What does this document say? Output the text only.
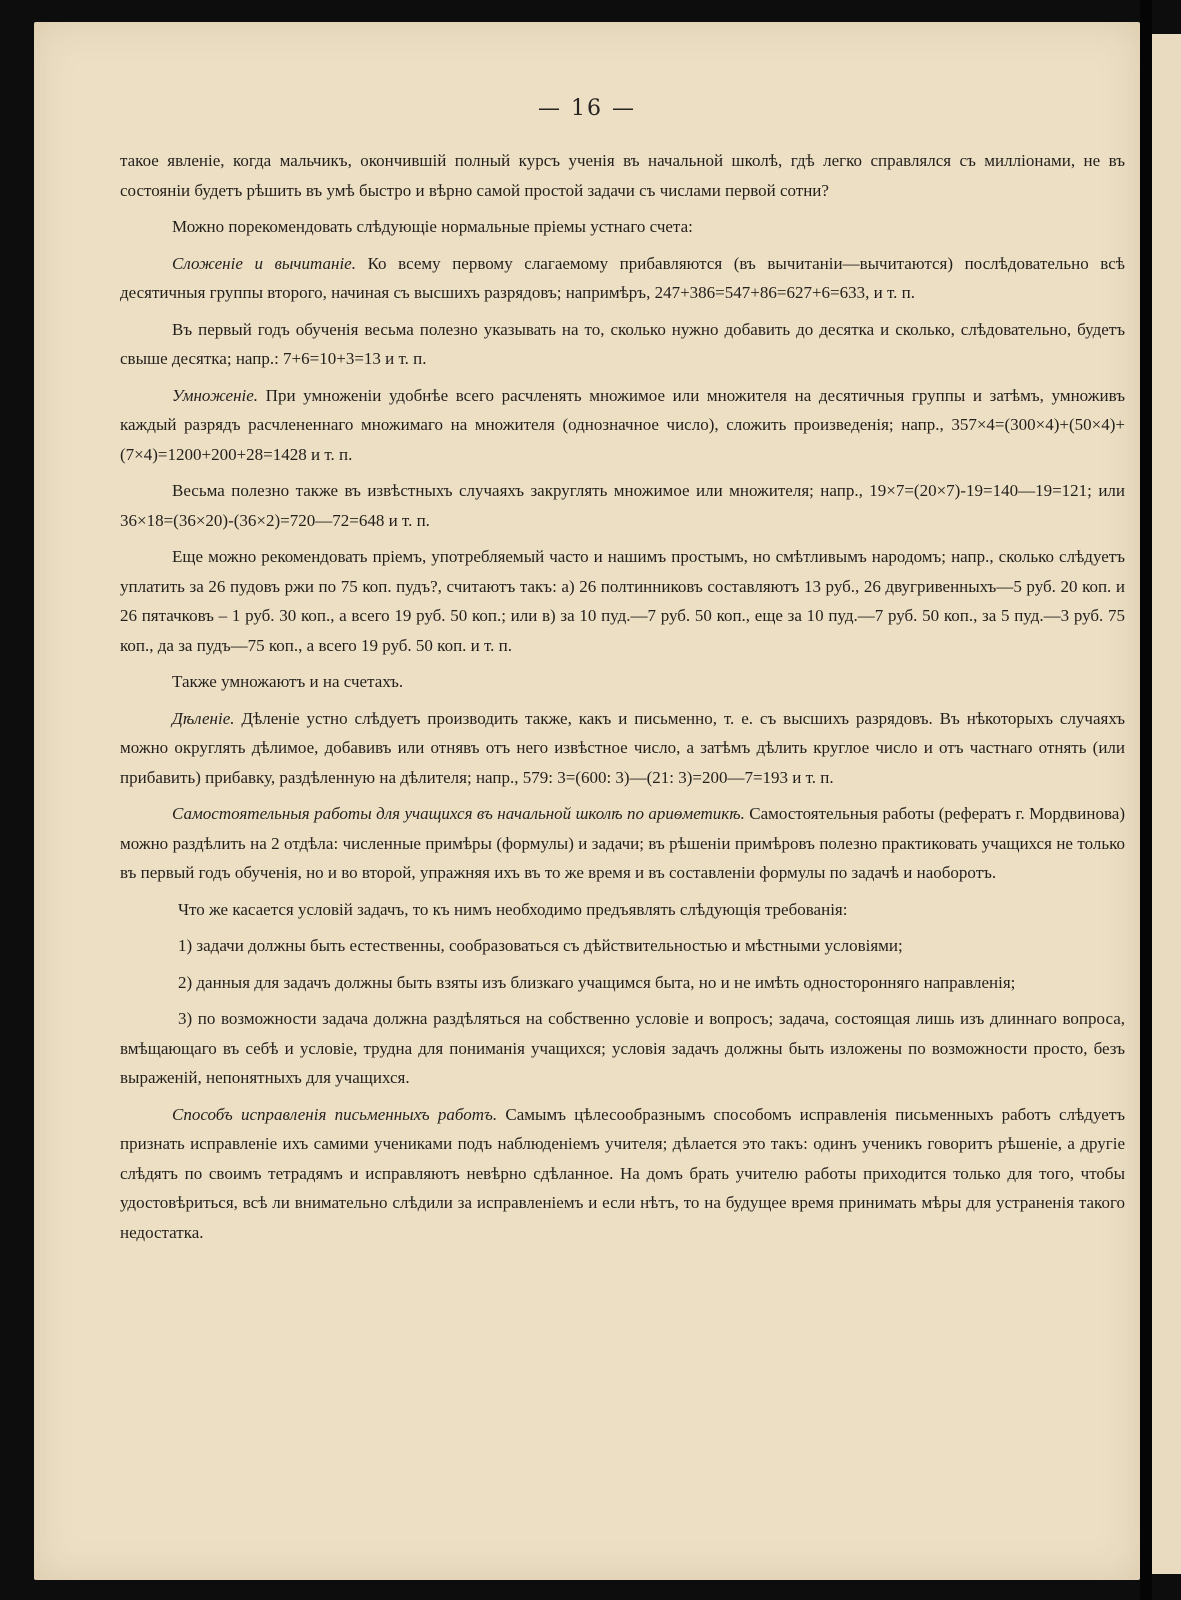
— 16 —

такое явленіе, когда мальчикъ, окончившій полный курсъ ученія въ начальной школѣ, гдѣ легко справлялся съ милліонами, не въ состояніи будетъ рѣшить въ умѣ быстро и вѣрно самой простой задачи съ числами первой сотни?

Можно порекомендовать слѣдующіе нормальные пріемы устнаго счета:

Сложеніе и вычитаніе. Ко всему первому слагаемому прибавляются (въ вычитаніи—вычитаются) послѣдовательно всѣ десятичныя группы второго, начиная съ высшихъ разрядовъ; напримѣръ, 247+386=547+86=627+6=633, и т. п.

Въ первый годъ обученія весьма полезно указывать на то, сколько нужно добавить до десятка и сколько, слѣдовательно, будетъ свыше десятка; напр.: 7+6=10+3=13 и т. п.

Умноженіе. При умноженіи удобнѣе всего расчленять множимое или множителя на десятичныя группы и затѣмъ, умноживъ каждый разрядъ расчлененнаго множимаго на множителя (однозначное число), сложить произведенія; напр., 357×4=(300×4)+(50×4)+(7×4)=1200+200+28=1428 и т. п.

Весьма полезно также въ извѣстныхъ случаяхъ закруглять множимое или множителя; напр., 19×7=(20×7)-19=140—19=121; или 36×18=(36×20)-(36×2)=720—72=648 и т. п.

Еще можно рекомендовать пріемъ, употребляемый часто и нашимъ простымъ, но смѣтливымъ народомъ; напр., сколько слѣдуетъ уплатить за 26 пудовъ ржи по 75 коп. пудъ?, считаютъ такъ: а) 26 полтинниковъ составляютъ 13 руб., 26 двугривенныхъ—5 руб. 20 коп. и 26 пятачковъ – 1 руб. 30 коп., а всего 19 руб. 50 коп.; или в) за 10 пуд.—7 руб. 50 коп., еще за 10 пуд.—7 руб. 50 коп., за 5 пуд.—3 руб. 75 коп., да за пудъ—75 коп., а всего 19 руб. 50 коп. и т. п.

Также умножаютъ и на счетахъ.

Дѣленіе. Дѣленіе устно слѣдуетъ производить также, какъ и письменно, т. е. съ высшихъ разрядовъ. Въ нѣкоторыхъ случаяхъ можно округлять дѣлимое, добавивъ или отнявъ отъ него извѣстное число, а затѣмъ дѣлить круглое число и отъ частнаго отнять (или прибавить) прибавку, раздѣленную на дѣлителя; напр., 579: 3=(600: 3)—(21: 3)=200—7=193 и т. п.

Самостоятельныя работы для учащихся въ начальной школѣ по ариѳметикѣ. Самостоятельныя работы (рефератъ г. Мордвинова) можно раздѣлить на 2 отдѣла: численные примѣры (формулы) и задачи; въ рѣшеніи примѣровъ полезно практиковать учащихся не только въ первый годъ обученія, но и во второй, упражняя ихъ въ то же время и въ составленіи формулы по задачѣ и наоборотъ.

Что же касается условій задачъ, то къ нимъ необходимо предъявлять слѣдующія требованія:

1) задачи должны быть естественны, сообразоваться съ дѣйствительностью и мѣстными условіями;

2) данныя для задачъ должны быть взяты изъ близкаго учащимся быта, но и не имѣть односторонняго направленія;

3) по возможности задача должна раздѣляться на собственно условіе и вопросъ; задача, состоящая лишь изъ длиннаго вопроса, вмѣщающаго въ себѣ и условіе, трудна для пониманія учащихся; условія задачъ должны быть изложены по возможности просто, безъ выраженій, непонятныхъ для учащихся.

Способъ исправленія письменныхъ работъ. Самымъ цѣлесообразнымъ способомъ исправленія письменныхъ работъ слѣдуетъ признать исправленіе ихъ самими учениками подъ наблюденіемъ учителя; дѣлается это такъ: одинъ ученикъ говоритъ рѣшеніе, а другіе слѣдятъ по своимъ тетрадямъ и исправляютъ невѣрно сдѣланное. На домъ брать учителю работы приходится только для того, чтобы удостовѣриться, всѣ ли внимательно слѣдили за исправленіемъ и если нѣтъ, то на будущее время принимать мѣры для устраненія такого недостатка.
